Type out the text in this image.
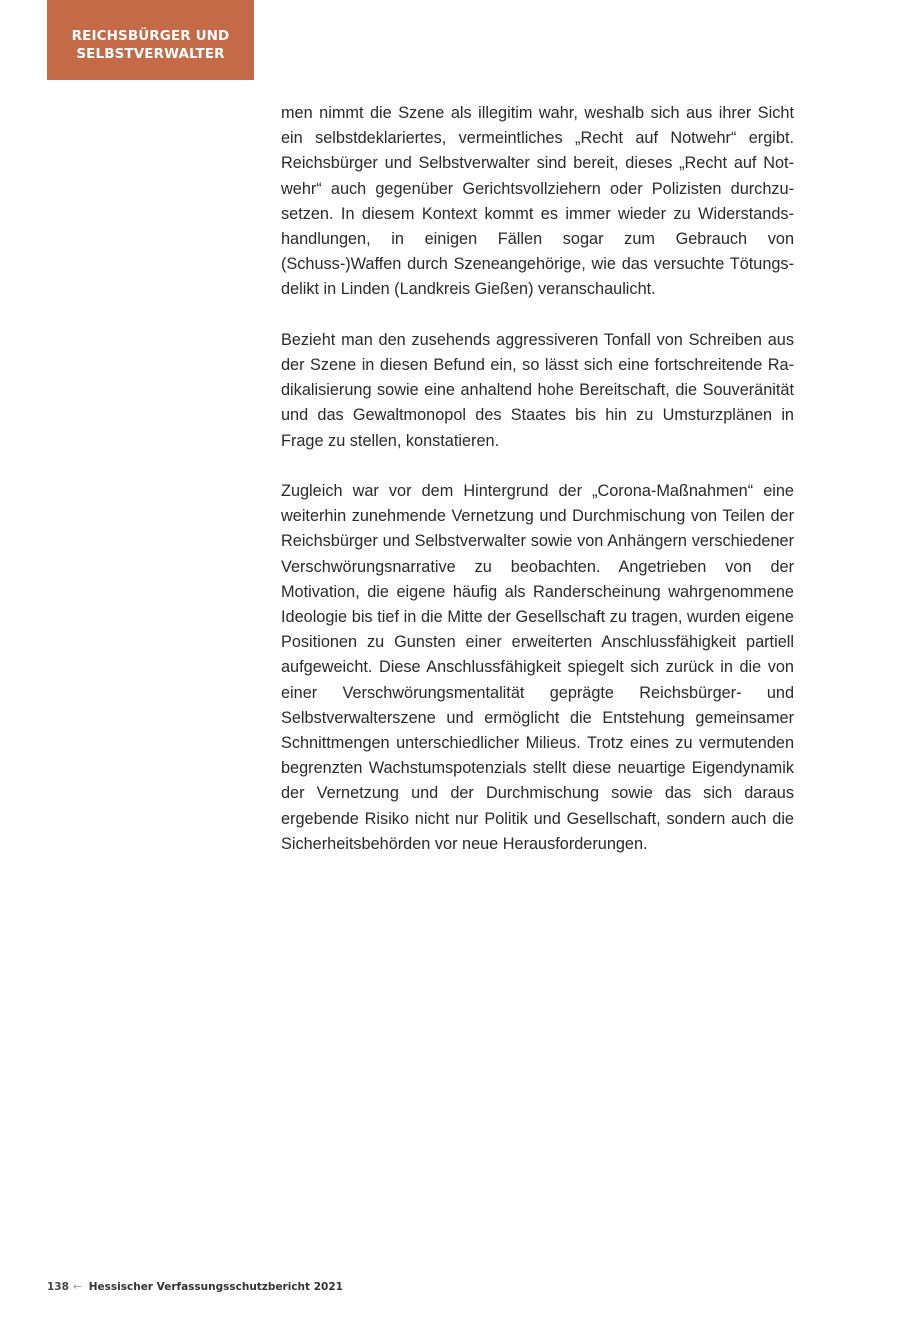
REICHSBÜRGER UND
SELBSTVERWALTER

men nimmt die Szene als illegitim wahr, weshalb sich aus ihrer Sicht ein selbstdeklariertes, vermeintliches „Recht auf Notwehr“ ergibt. Reichsbürger und Selbstverwalter sind bereit, dieses „Recht auf Notwehr“ auch gegenüber Gerichtsvollziehern oder Polizisten durchzusetzen. In diesem Kontext kommt es immer wieder zu Widerstandshandlungen, in einigen Fällen sogar zum Gebrauch von (Schuss-)Waffen durch Szeneangehörige, wie das versuchte Tötungsdelikt in Linden (Landkreis Gießen) veranschaulicht.

Bezieht man den zusehends aggressiveren Tonfall von Schreiben aus der Szene in diesen Befund ein, so lässt sich eine fortschreitende Radikalisierung sowie eine anhaltend hohe Bereitschaft, die Souveränität und das Gewaltmonopol des Staates bis hin zu Umsturzplänen in Frage zu stellen, konstatieren.

Zugleich war vor dem Hintergrund der „Corona-Maßnahmen“ eine weiterhin zunehmende Vernetzung und Durchmischung von Teilen der Reichsbürger und Selbstverwalter sowie von Anhängern verschiedener Verschwörungsnarrative zu beobachten. Angetrieben von der Motivation, die eigene häufig als Randerscheinung wahrgenommene Ideologie bis tief in die Mitte der Gesellschaft zu tragen, wurden eigene Positionen zu Gunsten einer erweiterten Anschlussfähigkeit partiell aufgeweicht. Diese Anschlussfähigkeit spiegelt sich zurück in die von einer Verschwörungsmentalität geprägte Reichsbürger- und Selbstverwalterszene und ermöglicht die Entstehung gemeinsamer Schnittmengen unterschiedlicher Milieus. Trotz eines zu vermutenden begrenzten Wachstumspotenzials stellt diese neuartige Eigendynamik der Vernetzung und der Durchmischung sowie das sich daraus ergebende Risiko nicht nur Politik und Gesellschaft, sondern auch die Sicherheitsbehörden vor neue Herausforderungen.

138 ← Hessischer Verfassungsschutzbericht 2021
